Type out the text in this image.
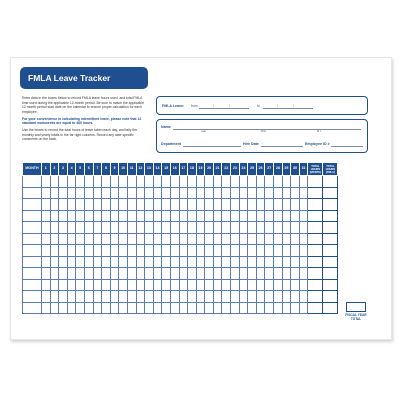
FMLA Leave Tracker

Enter data in the boxes below to record FMLA leave hours used, and total FMLA time used during the applicable 12-month period. Be sure to match the applicable 12 month period start date on the calendar to ensure proper calculation for each employee.

For your convenience in calculating intermittent leave, please note that 12 standard workweeks are equal to 480 hours.

Use the boxes to record the total hours of leave taken each day, and tally the monthly and yearly totals in the far right columns. Record any date specific comments on the back.

FMLA Leave: from	/	/	to	/	/
Name
Last	First	M.I.
Department	Hire Date	Employee ID #
MONTH	1	2	3	4	5	6	7	8	9	10	11	12	13	14	15	16	17	18	19	20	21	22	23	24	25	26	27	28	29	30	31	TOTAL HOURS (MONTH)	TOTAL HOURS (FMLA)

FISCAL YEAR TOTAL
